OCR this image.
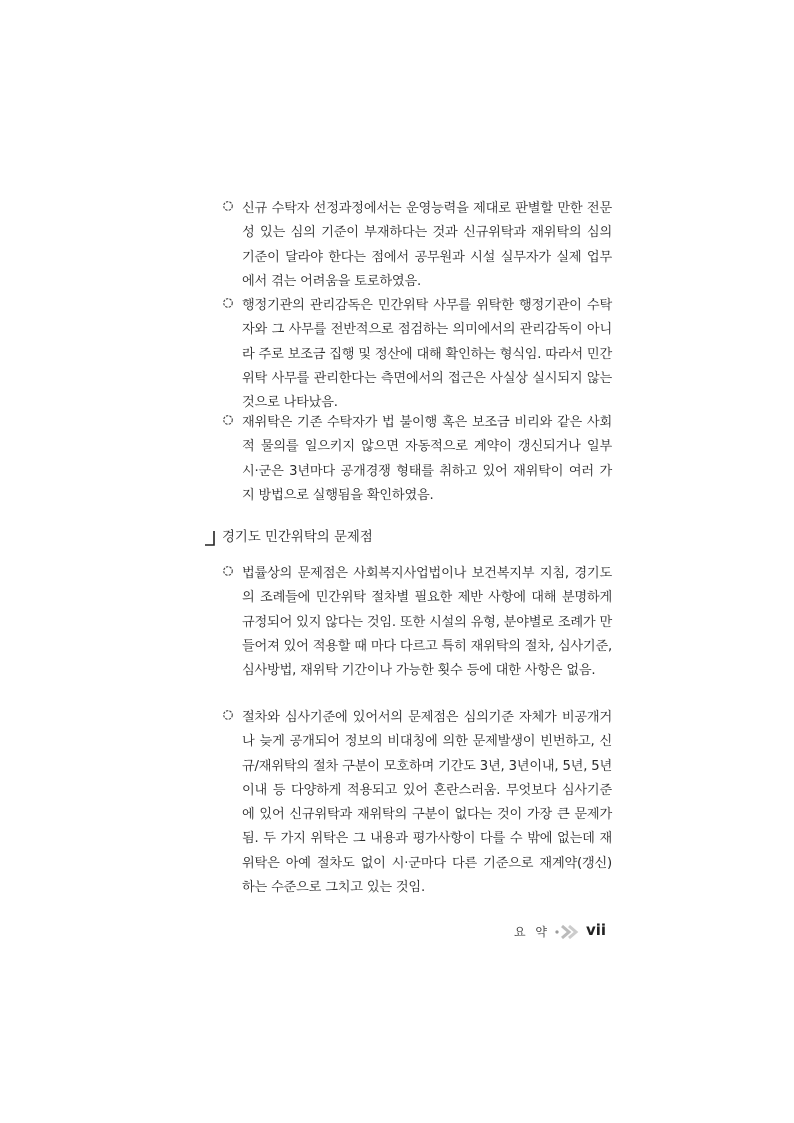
신규 수탁자 선정과정에서는 운영능력을 제대로 판별할 만한 전문성 있는 심의 기준이 부재하다는 것과 신규위탁과 재위탁의 심의기준이 달라야 한다는 점에서 공무원과 시설 실무자가 실제 업무에서 겪는 어려움을 토로하였음.
행정기관의 관리감독은 민간위탁 사무를 위탁한 행정기관이 수탁자와 그 사무를 전반적으로 점검하는 의미에서의 관리감독이 아니라 주로 보조금 집행 및 정산에 대해 확인하는 형식임. 따라서 민간위탁 사무를 관리한다는 측면에서의 접근은 사실상 실시되지 않는 것으로 나타났음.
재위탁은 기존 수탁자가 법 불이행 혹은 보조금 비리와 같은 사회적 물의를 일으키지 않으면 자동적으로 계약이 갱신되거나 일부 시·군은 3년마다 공개경쟁 형태를 취하고 있어 재위탁이 여러 가지 방법으로 실행됨을 확인하였음.
경기도 민간위탁의 문제점
법률상의 문제점은 사회복지사업법이나 보건복지부 지침, 경기도의 조례들에 민간위탁 절차별 필요한 제반 사항에 대해 분명하게 규정되어 있지 않다는 것임. 또한 시설의 유형, 분야별로 조례가 만들어져 있어 적용할 때 마다 다르고 특히 재위탁의 절차, 심사기준, 심사방법, 재위탁 기간이나 가능한 횟수 등에 대한 사항은 없음.
절차와 심사기준에 있어서의 문제점은 심의기준 자체가 비공개거나 늦게 공개되어 정보의 비대칭에 의한 문제발생이 빈번하고, 신규/재위탁의 절차 구분이 모호하며 기간도 3년, 3년이내, 5년, 5년 이내 등 다양하게 적용되고 있어 혼란스러움. 무엇보다 심사기준에 있어 신규위탁과 재위탁의 구분이 없다는 것이 가장 큰 문제가 됨. 두 가지 위탁은 그 내용과 평가사항이 다를 수 밖에 없는데 재위탁은 아예 절차도 없이 시·군마다 다른 기준으로 재계약(갱신) 하는 수준으로 그치고 있는 것임.
요 약 vii
